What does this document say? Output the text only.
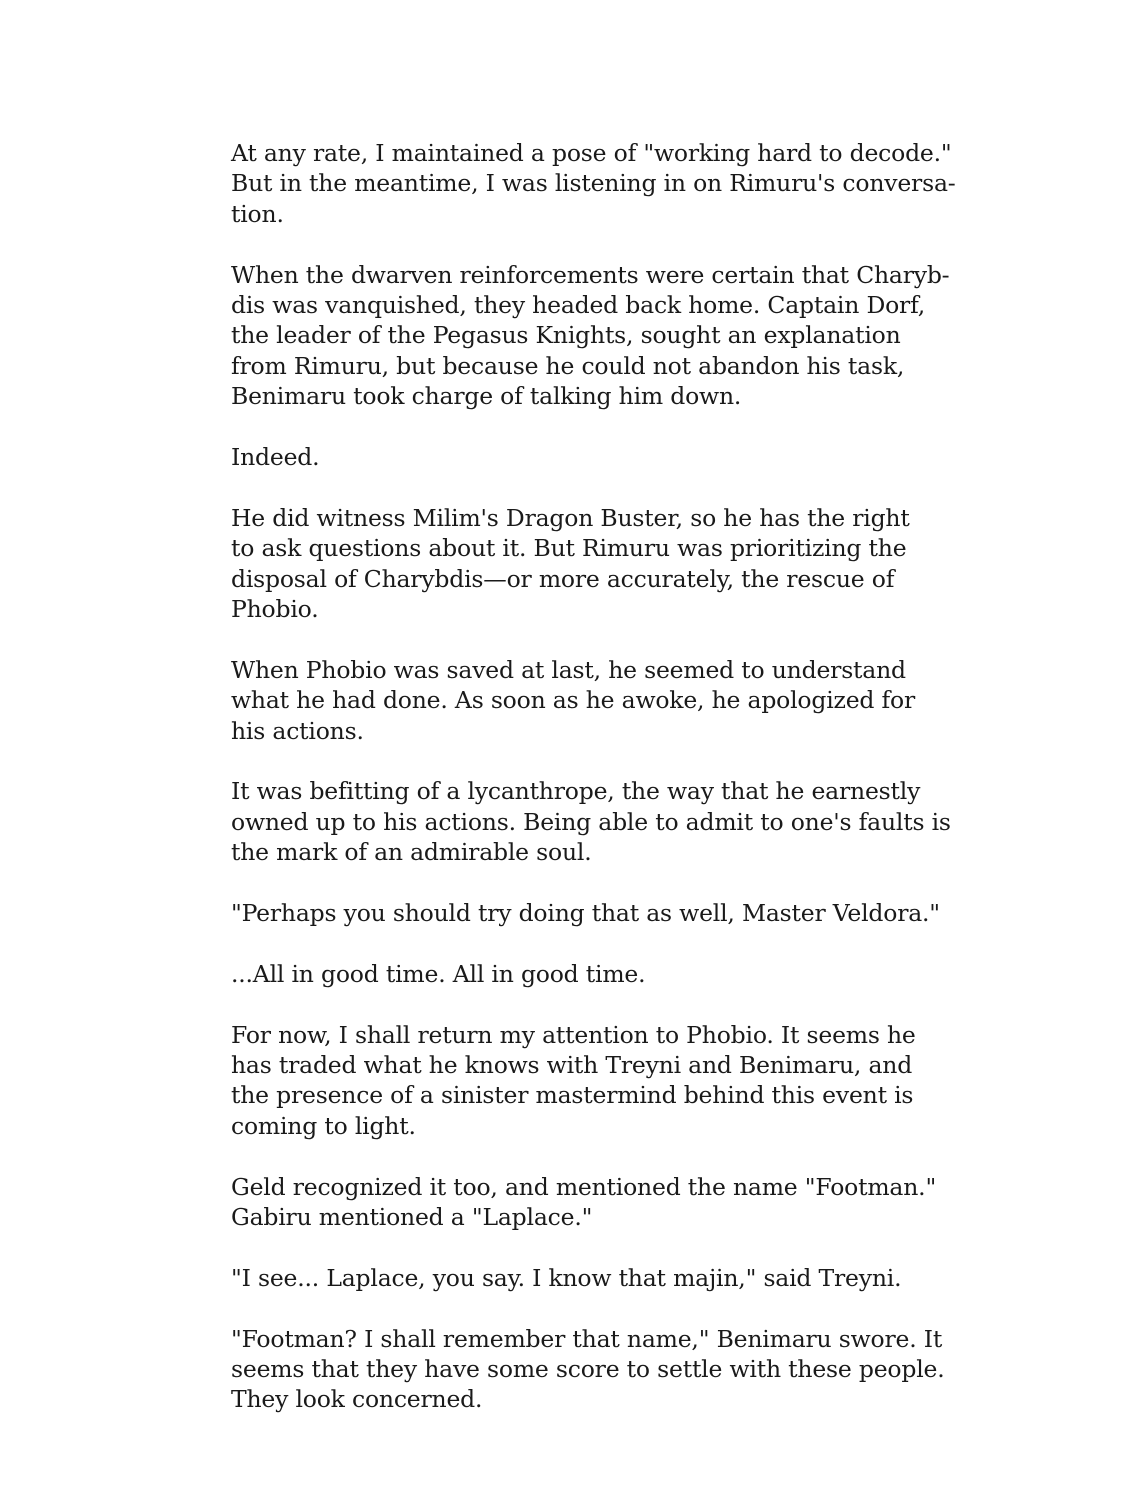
At any rate, I maintained a pose of "working hard to decode."
But in the meantime, I was listening in on Rimuru's conversa-
tion.

When the dwarven reinforcements were certain that Charyb-
dis was vanquished, they headed back home. Captain Dorf,
the leader of the Pegasus Knights, sought an explanation
from Rimuru, but because he could not abandon his task,
Benimaru took charge of talking him down.

Indeed.

He did witness Milim's Dragon Buster, so he has the right
to ask questions about it. But Rimuru was prioritizing the
disposal of Charybdis—or more accurately, the rescue of
Phobio.

When Phobio was saved at last, he seemed to understand
what he had done. As soon as he awoke, he apologized for
his actions.

It was befitting of a lycanthrope, the way that he earnestly
owned up to his actions. Being able to admit to one's faults is
the mark of an admirable soul.

"Perhaps you should try doing that as well, Master Veldora."

...All in good time. All in good time.

For now, I shall return my attention to Phobio. It seems he
has traded what he knows with Treyni and Benimaru, and
the presence of a sinister mastermind behind this event is
coming to light.

Geld recognized it too, and mentioned the name "Footman."
Gabiru mentioned a "Laplace."

"I see... Laplace, you say. I know that majin," said Treyni.

"Footman? I shall remember that name," Benimaru swore. It
seems that they have some score to settle with these people.
They look concerned.
